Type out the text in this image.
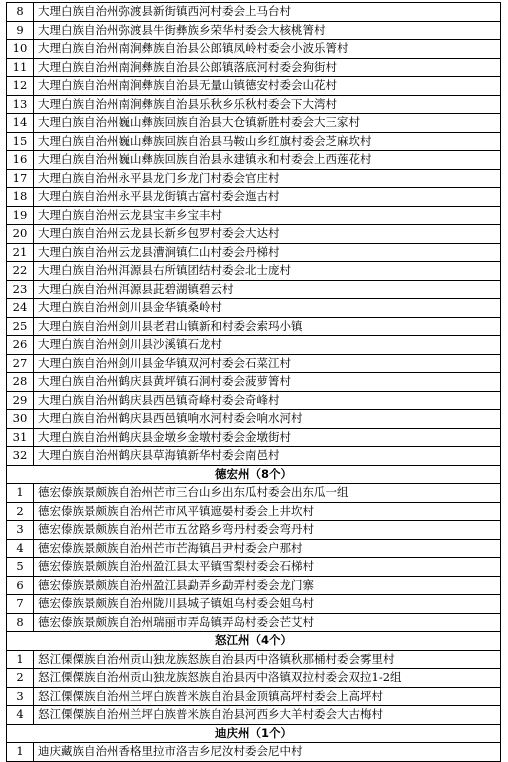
8	大理白族自治州弥渡县新街镇西河村委会上马台村
9	大理白族自治州弥渡县牛街彝族乡荣华村委会大核桃箐村
10	大理白族自治州南涧彝族自治县公郎镇凤岭村委会小波乐箐村
11	大理白族自治州南涧彝族自治县公郎镇落底河村委会狗街村
12	大理白族自治州南涧彝族自治县无量山镇德安村委会山花村
13	大理白族自治州南涧彝族自治县乐秋乡乐秋村委会下大湾村
14	大理白族自治州巍山彝族回族自治县大仓镇新胜村委会大三家村
15	大理白族自治州巍山彝族回族自治县马鞍山乡红旗村委会芝麻坎村
16	大理白族自治州巍山彝族回族自治县永建镇永和村委会上西莲花村
17	大理白族自治州永平县龙门乡龙门村委会官庄村
18	大理白族自治州永平县龙街镇古富村委会迤古村
19	大理白族自治州云龙县宝丰乡宝丰村
20	大理白族自治州云龙县长新乡包罗村委会大达村
21	大理白族自治州云龙县漕涧镇仁山村委会丹梯村
22	大理白族自治州洱源县右所镇团结村委会北士庞村
23	大理白族自治州洱源县茈碧湖镇碧云村
24	大理白族自治州剑川县金华镇桑岭村
25	大理白族自治州剑川县老君山镇新和村委会索玛小镇
26	大理白族自治州剑川县沙溪镇石龙村
27	大理白族自治州剑川县金华镇双河村委会石菜江村
28	大理白族自治州鹤庆县黄坪镇石洞村委会菠萝箐村
29	大理白族自治州鹤庆县西邑镇奇峰村委会奇峰村
30	大理白族自治州鹤庆县西邑镇响水河村委会响水河村
31	大理白族自治州鹤庆县金墩乡金墩村委会金墩街村
32	大理白族自治州鹤庆县草海镇新华村委会南邑村
德宏州（8个）	
1	德宏傣族景颇族自治州芒市三台山乡出东瓜村委会出东瓜一组
2	德宏傣族景颇族自治州芒市风平镇遮晏村委会上井坎村
3	德宏傣族景颇族自治州芒市五岔路乡弯丹村委会弯丹村
4	德宏傣族景颇族自治州芒市芒海镇吕尹村委会户那村
5	德宏傣族景颇族自治州盈江县太平镇雪梨村委会石梯村
6	德宏傣族景颇族自治州盈江县勐弄乡勐弄村委会龙门寨
7	德宏傣族景颇族自治州陇川县城子镇姐乌村委会姐乌村
8	德宏傣族景颇族自治州瑞丽市弄岛镇弄岛村委会芒艾村
怒江州（4个）	
1	怒江傈僳族自治州贡山独龙族怒族自治县丙中洛镇秋那桶村委会雾里村
2	怒江傈僳族自治州贡山独龙族怒族自治县丙中洛镇双拉村委会双拉1-2组
3	怒江傈僳族自治州兰坪白族普米族自治县金顶镇高坪村委会上高坪村
4	怒江傈僳族自治州兰坪白族普米族自治县河西乡大羊村委会大古梅村
迪庆州（1个）	
1	迪庆藏族自治州香格里拉市洛吉乡尼汝村委会尼中村
